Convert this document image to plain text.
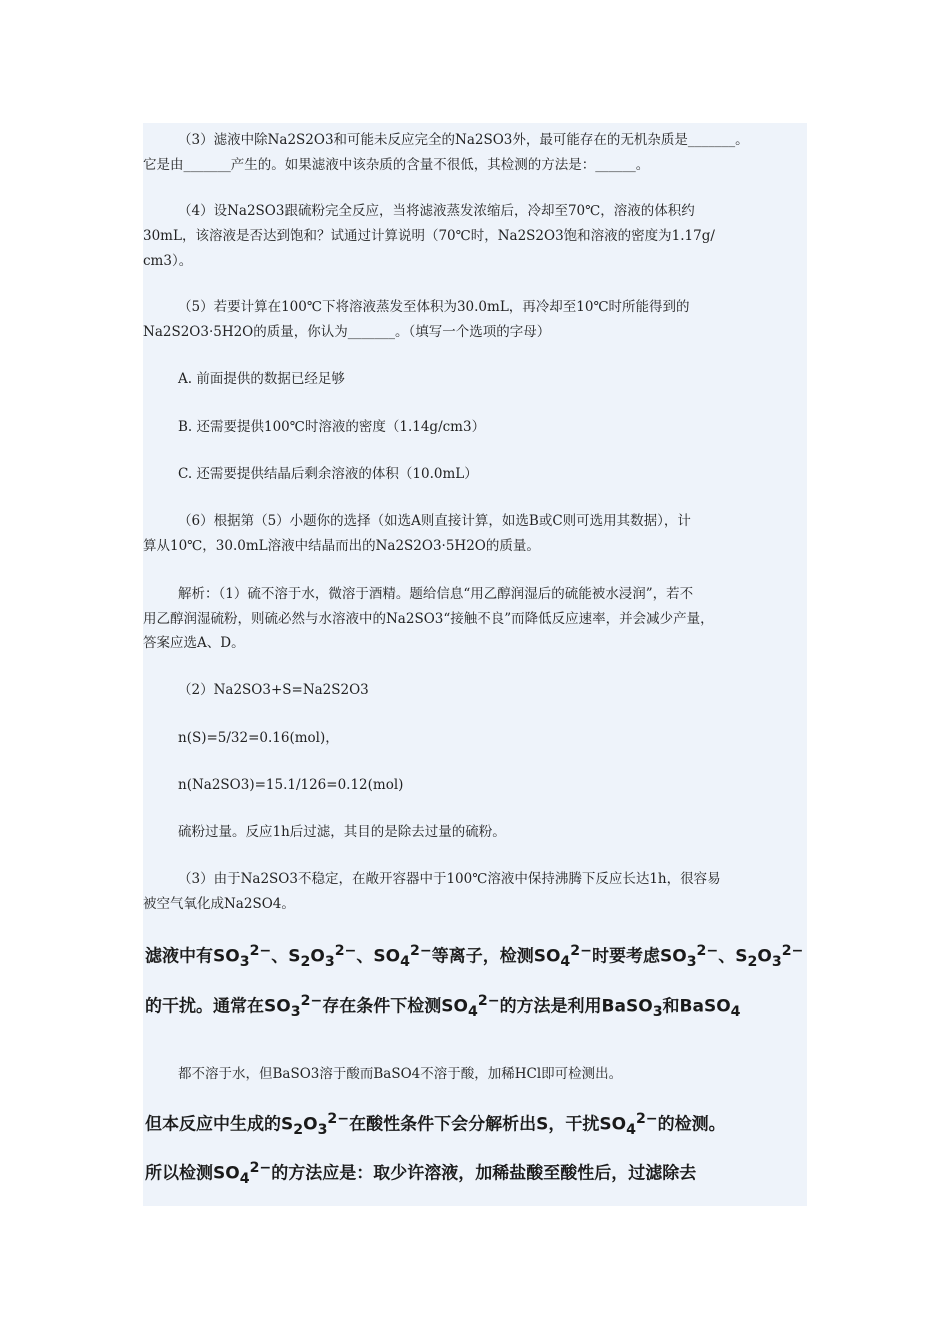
（3）滤液中除Na2S2O3和可能未反应完全的Na2SO3外，最可能存在的无机杂质是_______。

它是由_______产生的。如果滤液中该杂质的含量不很低，其检测的方法是：______。

（4）设Na2SO3跟硫粉完全反应，当将滤液蒸发浓缩后，冷却至70℃，溶液的体积约

30mL，该溶液是否达到饱和？试通过计算说明（70℃时，Na2S2O3饱和溶液的密度为1.17g/

cm3）。

（5）若要计算在100℃下将溶液蒸发至体积为30.0mL，再冷却至10℃时所能得到的

Na2S2O3·5H2O的质量，你认为_______。（填写一个选项的字母）

A. 前面提供的数据已经足够

B. 还需要提供100℃时溶液的密度（1.14g/cm3）

C. 还需要提供结晶后剩余溶液的体积（10.0mL）

（6）根据第（5）小题你的选择（如选A则直接计算，如选B或C则可选用其数据），计

算从10℃，30.0mL溶液中结晶而出的Na2S2O3·5H2O的质量。

解析：（1）硫不溶于水，微溶于酒精。题给信息“用乙醇润湿后的硫能被水浸润”，若不

用乙醇润湿硫粉，则硫必然与水溶液中的Na2SO3“接触不良”而降低反应速率，并会减少产量，

答案应选A、D。

（2）Na2SO3+S=Na2S2O3

n(S)=5/32=0.16(mol)，

n(Na2SO3)=15.1/126=0.12(mol)

硫粉过量。反应1h后过滤，其目的是除去过量的硫粉。

（3）由于Na2SO3不稳定，在敞开容器中于100℃溶液中保持沸腾下反应长达1h，很容易

被空气氧化成Na2SO4。

滤液中有$SO_3^{2-}$、$S_2O_3^{2-}$、$SO_4^{2-}$等离子，检测$SO_4^{2-}$时要考虑$SO_3^{2-}$、$S_2O_3^{2-}$

的干扰。通常在$SO_3^{2-}$存在条件下检测$SO_4^{2-}$的方法是利用BaSO$_3$和BaSO$_4$

都不溶于水，但BaSO3溶于酸而BaSO4不溶于酸，加稀HCl即可检测出。

但本反应中生成的$S_2O_3^{2-}$在酸性条件下会分解析出S，干扰$SO_4^{2-}$的检测。

所以检测$SO_4^{2-}$的方法应是：取少许溶液，加稀盐酸至酸性后，过滤除去
